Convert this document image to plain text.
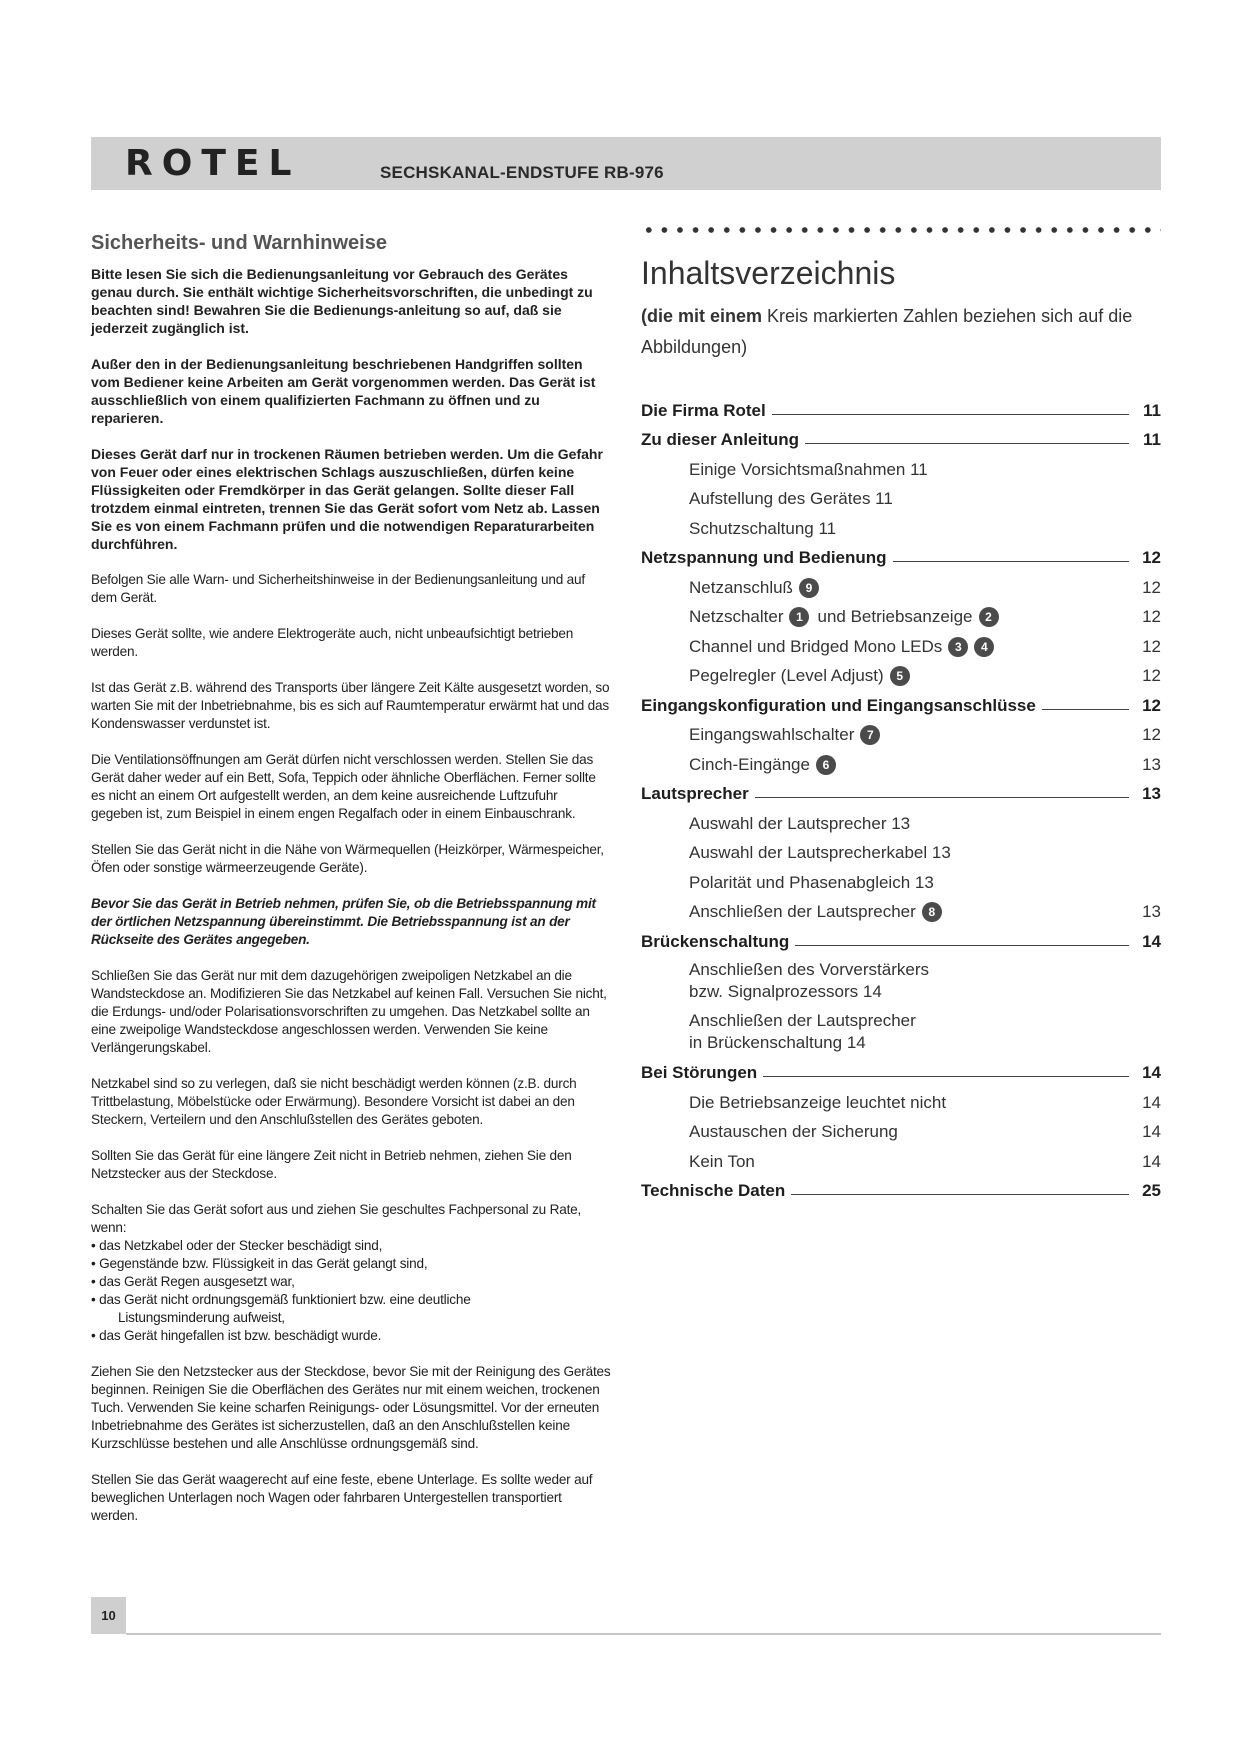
ROTEL	SECHSKANAL-ENDSTUFE RB-976
Sicherheits- und Warnhinweise

Bitte lesen Sie sich die Bedienungsanleitung vor Gebrauch des Gerätes genau durch. Sie enthält wichtige Sicherheitsvorschriften, die unbedingt zu beachten sind! Bewahren Sie die Bedienungs-anleitung so auf, daß sie jederzeit zugänglich ist.

Außer den in der Bedienungsanleitung beschriebenen Handgriffen sollten vom Bediener keine Arbeiten am Gerät vorgenommen werden. Das Gerät ist ausschließlich von einem qualifizierten Fachmann zu öffnen und zu reparieren.

Dieses Gerät darf nur in trockenen Räumen betrieben werden. Um die Gefahr von Feuer oder eines elektrischen Schlags auszuschließen, dürfen keine Flüssigkeiten oder Fremdkörper in das Gerät gelangen. Sollte dieser Fall trotzdem einmal eintreten, trennen Sie das Gerät sofort vom Netz ab. Lassen Sie es von einem Fachmann prüfen und die notwendigen Reparaturarbeiten durchführen.

Befolgen Sie alle Warn- und Sicherheitshinweise in der Bedienungsanleitung und auf dem Gerät.

Dieses Gerät sollte, wie andere Elektrogeräte auch, nicht unbeaufsichtigt betrieben werden.

Ist das Gerät z.B. während des Transports über längere Zeit Kälte ausgesetzt worden, so warten Sie mit der Inbetriebnahme, bis es sich auf Raumtemperatur erwärmt hat und das Kondenswasser verdunstet ist.

Die Ventilationsöffnungen am Gerät dürfen nicht verschlossen werden. Stellen Sie das Gerät daher weder auf ein Bett, Sofa, Teppich oder ähnliche Oberflächen. Ferner sollte es nicht an einem Ort aufgestellt werden, an dem keine ausreichende Luftzufuhr gegeben ist, zum Beispiel in einem engen Regalfach oder in einem Einbauschrank.

Stellen Sie das Gerät nicht in die Nähe von Wärmequellen (Heizkörper, Wärmespeicher, Öfen oder sonstige wärmeerzeugende Geräte).

Bevor Sie das Gerät in Betrieb nehmen, prüfen Sie, ob die Betriebsspannung mit der örtlichen Netzspannung übereinstimmt. Die Betriebsspannung ist an der Rückseite des Gerätes angegeben.

Schließen Sie das Gerät nur mit dem dazugehörigen zweipoligen Netzkabel an die Wandsteckdose an. Modifizieren Sie das Netzkabel auf keinen Fall. Versuchen Sie nicht, die Erdungs- und/oder Polarisationsvorschriften zu umgehen. Das Netzkabel sollte an eine zweipolige Wandsteckdose angeschlossen werden. Verwenden Sie keine Verlängerungskabel.

Netzkabel sind so zu verlegen, daß sie nicht beschädigt werden können (z.B. durch Trittbelastung, Möbelstücke oder Erwärmung). Besondere Vorsicht ist dabei an den Steckern, Verteilern und den Anschlußstellen des Gerätes geboten.

Sollten Sie das Gerät für eine längere Zeit nicht in Betrieb nehmen, ziehen Sie den Netzstecker aus der Steckdose.

Schalten Sie das Gerät sofort aus und ziehen Sie geschultes Fachpersonal zu Rate, wenn:

• das Netzkabel oder der Stecker beschädigt sind,
• Gegenstände bzw. Flüssigkeit in das Gerät gelangt sind,
• das Gerät Regen ausgesetzt war,
• das Gerät nicht ordnungsgemäß funktioniert bzw. eine deutliche
Listungsminderung aufweist,
• das Gerät hingefallen ist bzw. beschädigt wurde.

Ziehen Sie den Netzstecker aus der Steckdose, bevor Sie mit der Reinigung des Gerätes beginnen. Reinigen Sie die Oberflächen des Gerätes nur mit einem weichen, trockenen Tuch. Verwenden Sie keine scharfen Reinigungs- oder Lösungsmittel. Vor der erneuten Inbetriebnahme des Gerätes ist sicherzustellen, daß an den Anschlußstellen keine Kurzschlüsse bestehen und alle Anschlüsse ordnungsgemäß sind.

Stellen Sie das Gerät waagerecht auf eine feste, ebene Unterlage. Es sollte weder auf beweglichen Unterlagen noch Wagen oder fahrbaren Untergestellen transportiert werden.

Inhaltsverzeichnis

(die mit einem Kreis markierten Zahlen beziehen sich auf die Abbildungen)

Die Firma Rotel	11
Zu dieser Anleitung	11
Einige Vorsichtsmaßnahmen 11
Aufstellung des Gerätes 11
Schutzschaltung 11
Netzspannung und Bedienung	12
Netzanschluß	9	12
Netzschalter	1 und Betriebsanzeige	2	12
Channel und Bridged Mono LEDs	3	4	12
Pegelregler (Level Adjust)	5	12
Eingangskonfiguration und Eingangsanschlüsse	12
Eingangswahlschalter	7	12
Cinch-Eingänge	6	13
Lautsprecher	13
Auswahl der Lautsprecher 13
Auswahl der Lautsprecherkabel 13
Polarität und Phasenabgleich 13
Anschließen der Lautsprecher	8	13
Brückenschaltung	14
Anschließen des Vorverstärkers
bzw. Signalprozessors 14
Anschließen der Lautsprecher
in Brückenschaltung 14
Bei Störungen	14
Die Betriebsanzeige leuchtet nicht	14
Austauschen der Sicherung	14
Kein Ton	14
Technische Daten	25
10
